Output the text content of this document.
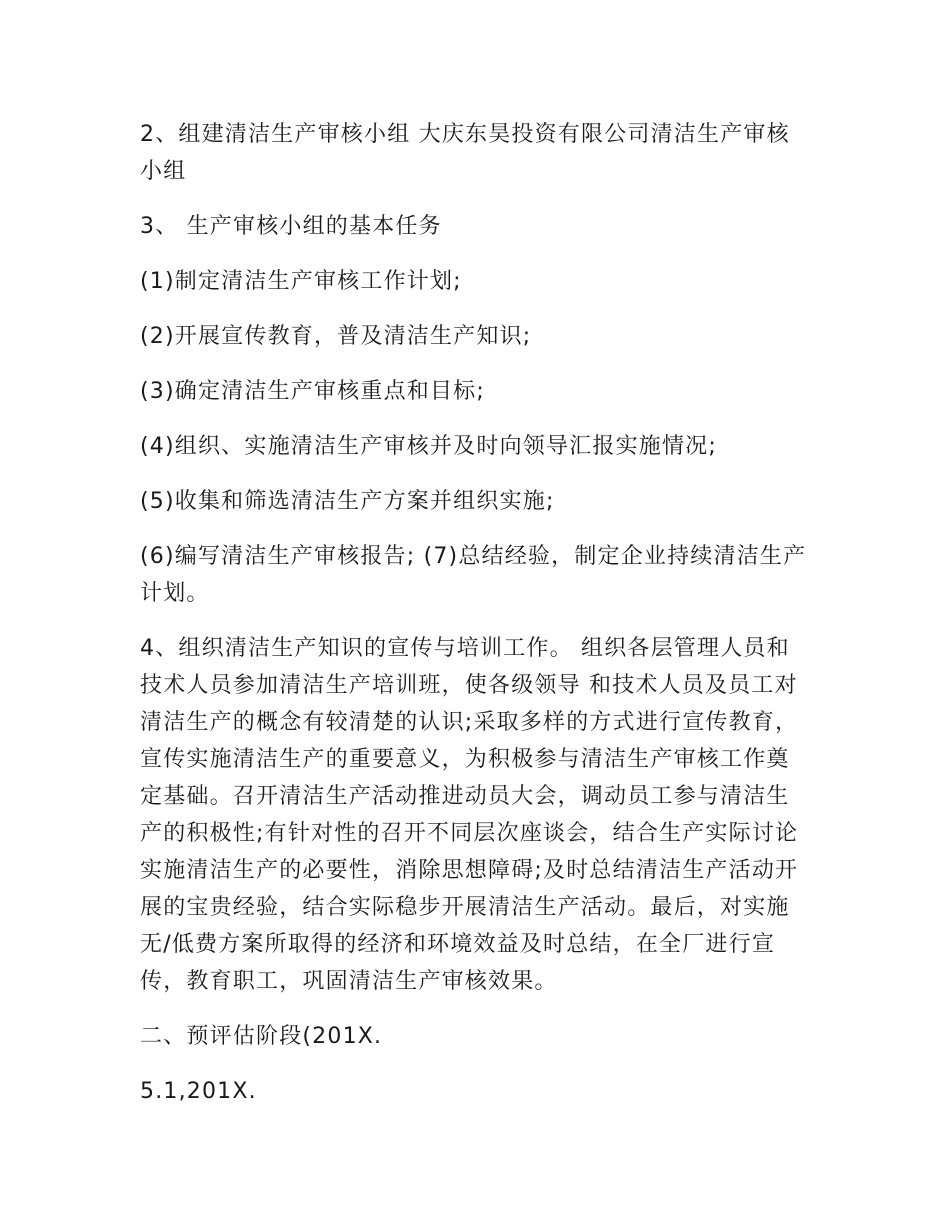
2、组建清洁生产审核小组 大庆东昊投资有限公司清洁生产审核小组

3、 生产审核小组的基本任务

(1)制定清洁生产审核工作计划;

(2)开展宣传教育，普及清洁生产知识;

(3)确定清洁生产审核重点和目标;

(4)组织、实施清洁生产审核并及时向领导汇报实施情况;

(5)收集和筛选清洁生产方案并组织实施;

(6)编写清洁生产审核报告; (7)总结经验，制定企业持续清洁生产计划。

4、组织清洁生产知识的宣传与培训工作。 组织各层管理人员和技术人员参加清洁生产培训班，使各级领导 和技术人员及员工对清洁生产的概念有较清楚的认识;采取多样的方式进行宣传教育，宣传实施清洁生产的重要意义，为积极参与清洁生产审核工作奠定基础。召开清洁生产活动推进动员大会，调动员工参与清洁生产的积极性;有针对性的召开不同层次座谈会，结合生产实际讨论实施清洁生产的必要性，消除思想障碍;及时总结清洁生产活动开展的宝贵经验，结合实际稳步开展清洁生产活动。最后，对实施无/低费方案所取得的经济和环境效益及时总结，在全厂进行宣传，教育职工，巩固清洁生产审核效果。

二、预评估阶段(201X.

5.1,201X.
